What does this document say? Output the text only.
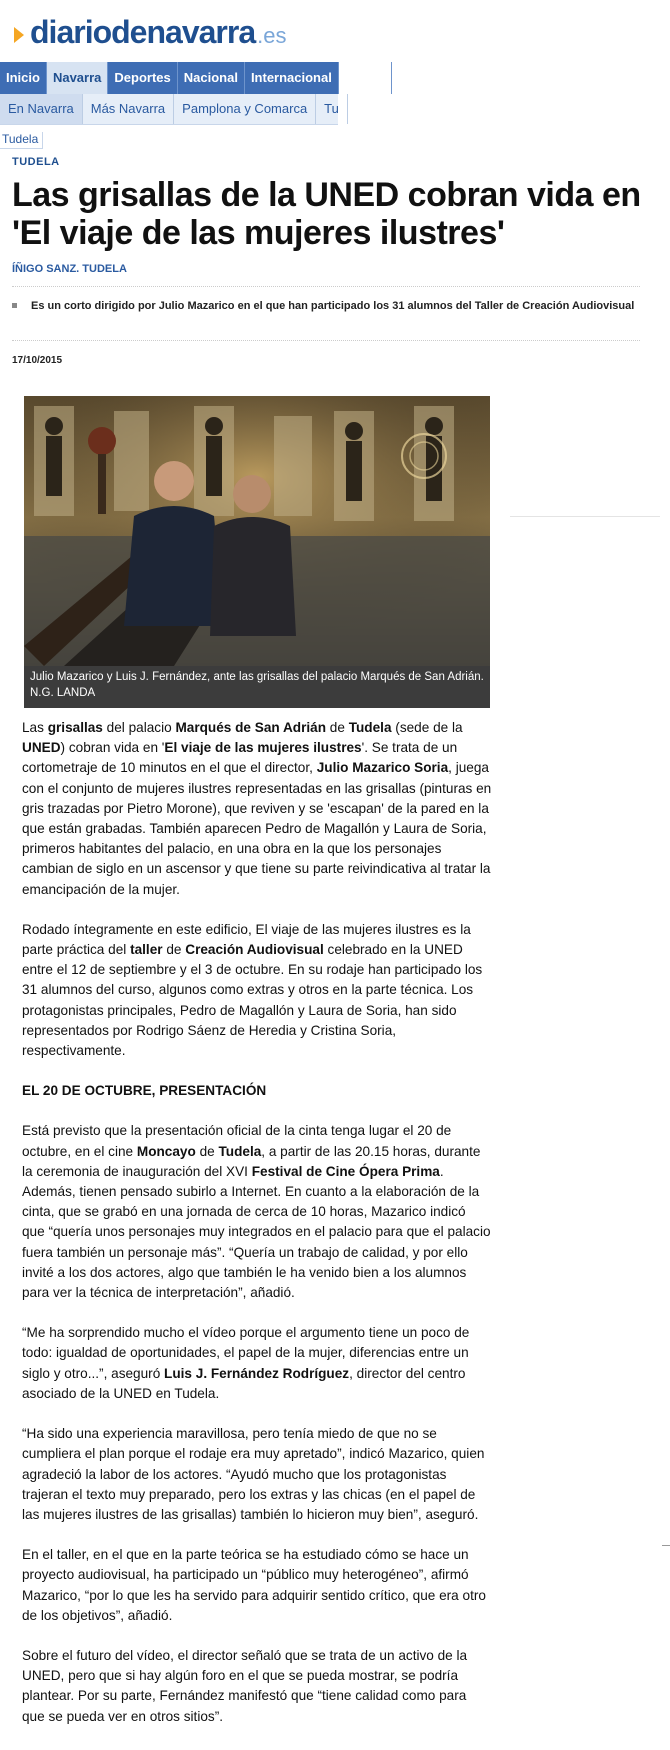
diariodenavarra .es
Inicio	Navarra	Deportes	Nacional	Internacional	Econo
En Navarra	Más Navarra	Pamplona y Comarca	Tu
Tudela
TUDELA
Las grisallas de la UNED cobran vida en 'El viaje de las mujeres ilustres'
ÍÑIGO SANZ. TUDELA
Es un corto dirigido por Julio Mazarico en el que han participado los 31 alumnos del Taller de Creación Audiovisual
17/10/2015
Julio Mazarico y Luis J. Fernández, ante las grisallas del palacio Marqués de San Adrián. N.G. LANDA

Las grisallas del palacio Marqués de San Adrián de Tudela (sede de la UNED) cobran vida en 'El viaje de las mujeres ilustres'. Se trata de un cortometraje de 10 minutos en el que el director, Julio Mazarico Soria, juega con el conjunto de mujeres ilustres representadas en las grisallas (pinturas en gris trazadas por Pietro Morone), que reviven y se 'escapan' de la pared en la que están grabadas. También aparecen Pedro de Magallón y Laura de Soria, primeros habitantes del palacio, en una obra en la que los personajes cambian de siglo en un ascensor y que tiene su parte reivindicativa al tratar la emancipación de la mujer.

Rodado íntegramente en este edificio, El viaje de las mujeres ilustres es la parte práctica del taller de Creación Audiovisual celebrado en la UNED entre el 12 de septiembre y el 3 de octubre. En su rodaje han participado los 31 alumnos del curso, algunos como extras y otros en la parte técnica. Los protagonistas principales, Pedro de Magallón y Laura de Soria, han sido representados por Rodrigo Sáenz de Heredia y Cristina Soria, respectivamente.

EL 20 DE OCTUBRE, PRESENTACIÓN

Está previsto que la presentación oficial de la cinta tenga lugar el 20 de octubre, en el cine Moncayo de Tudela, a partir de las 20.15 horas, durante la ceremonia de inauguración del XVI Festival de Cine Ópera Prima. Además, tienen pensado subirlo a Internet. En cuanto a la elaboración de la cinta, que se grabó en una jornada de cerca de 10 horas, Mazarico indicó que “quería unos personajes muy integrados en el palacio para que el palacio fuera también un personaje más”. “Quería un trabajo de calidad, y por ello invité a los dos actores, algo que también le ha venido bien a los alumnos para ver la técnica de interpretación”, añadió.

“Me ha sorprendido mucho el vídeo porque el argumento tiene un poco de todo: igualdad de oportunidades, el papel de la mujer, diferencias entre un siglo y otro...”, aseguró Luis J. Fernández Rodríguez, director del centro asociado de la UNED en Tudela.

“Ha sido una experiencia maravillosa, pero tenía miedo de que no se cumpliera el plan porque el rodaje era muy apretado”, indicó Mazarico, quien agradeció la labor de los actores. “Ayudó mucho que los protagonistas trajeran el texto muy preparado, pero los extras y las chicas (en el papel de las mujeres ilustres de las grisallas) también lo hicieron muy bien”, aseguró.

En el taller, en el que en la parte teórica se ha estudiado cómo se hace un proyecto audiovisual, ha participado un “público muy heterogéneo”, afirmó Mazarico, “por lo que les ha servido para adquirir sentido crítico, que era otro de los objetivos”, añadió.

Sobre el futuro del vídeo, el director señaló que se trata de un activo de la UNED, pero que si hay algún foro en el que se pueda mostrar, se podría plantear. Por su parte, Fernández manifestó que “tiene calidad como para que se pueda ver en otros sitios”.
